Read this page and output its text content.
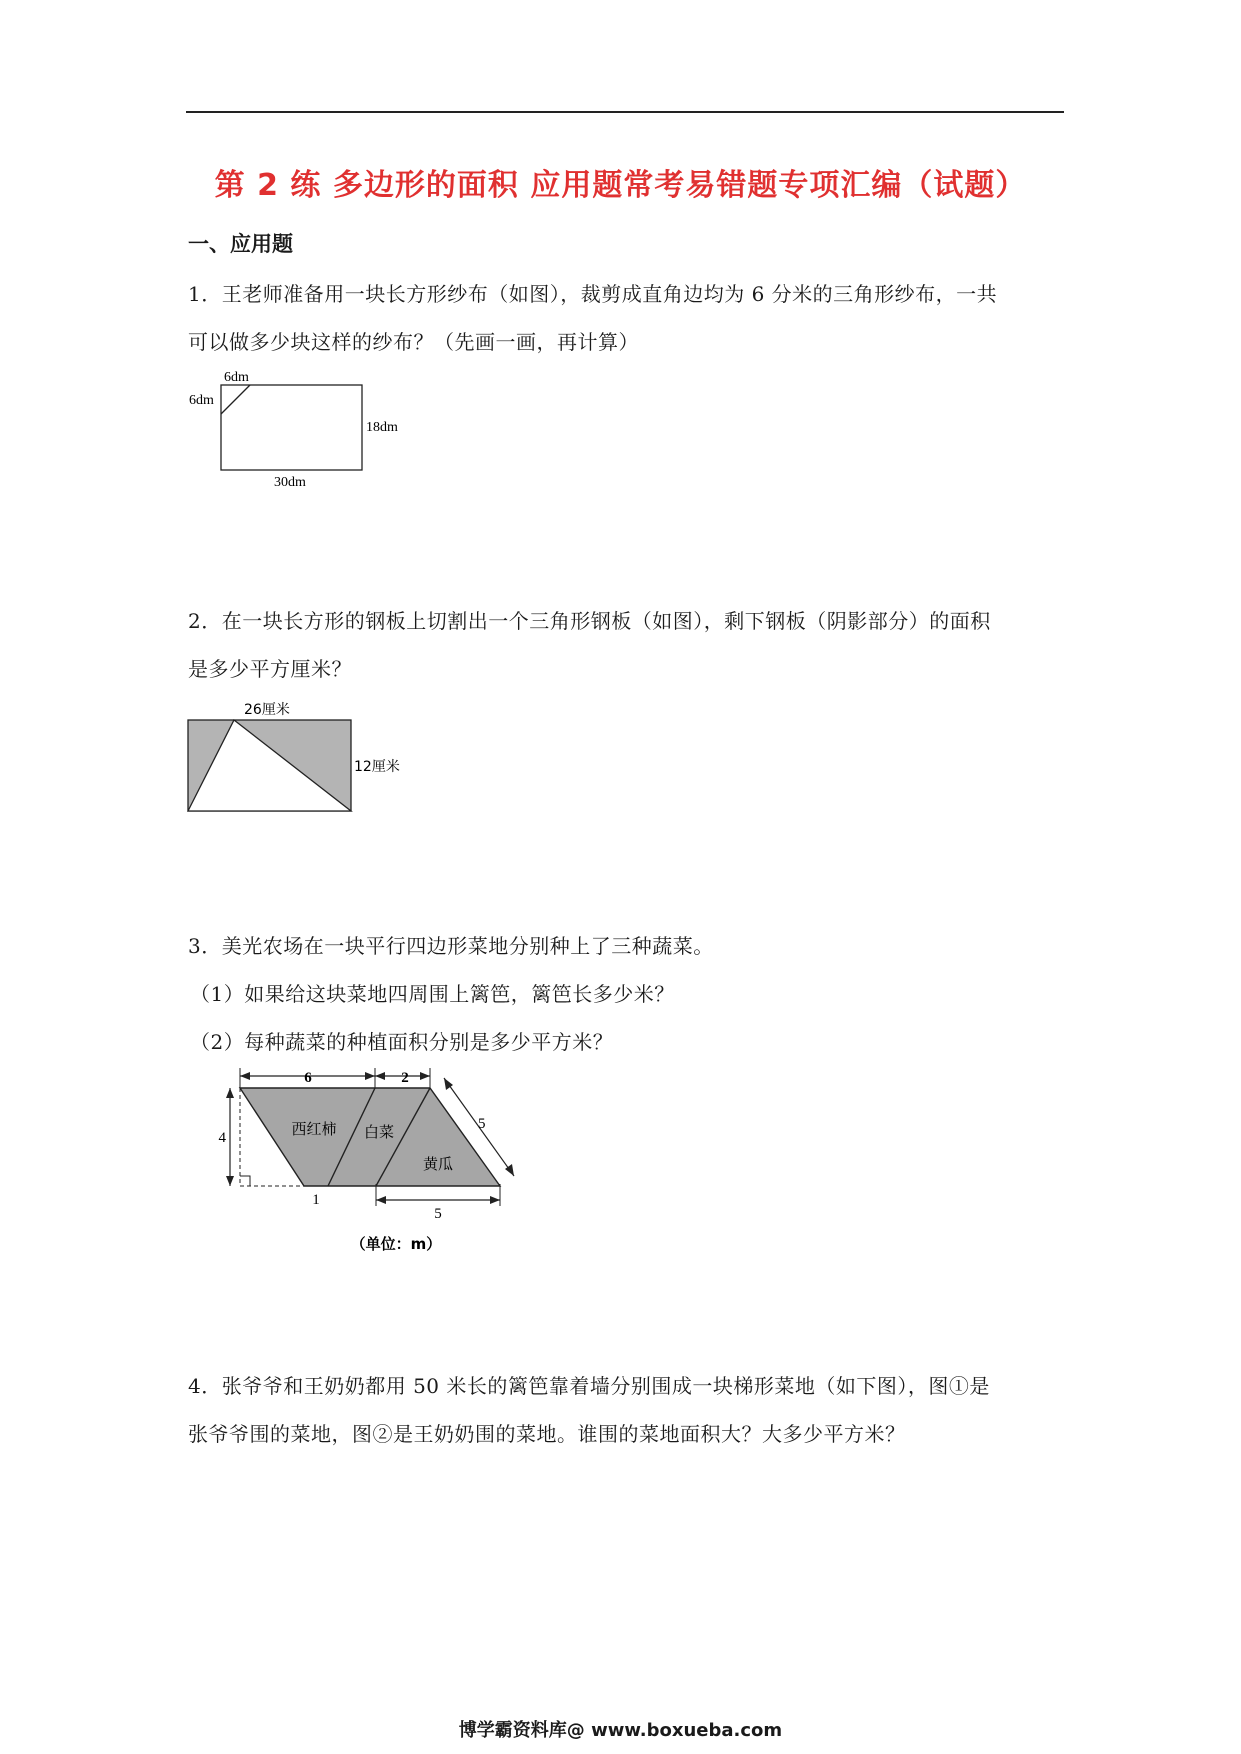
第 2 练 多边形的面积 应用题常考易错题专项汇编（试题）
一、应用题
1．王老师准备用一块长方形纱布（如图），裁剪成直角边均为 6 分米的三角形纱布，一共
可以做多少块这样的纱布？（先画一画，再计算）
6dm
6dm
18dm
30dm
2．在一块长方形的钢板上切割出一个三角形钢板（如图），剩下钢板（阴影部分）的面积
是多少平方厘米？
26厘米
12厘米
3．美光农场在一块平行四边形菜地分别种上了三种蔬菜。
（1）如果给这块菜地四周围上篱笆，篱笆长多少米？
（2）每种蔬菜的种植面积分别是多少平方米？
6	2
4
5
5
1
西红柿 白菜
黄瓜
（单位：m）
4．张爷爷和王奶奶都用 50 米长的篱笆靠着墙分别围成一块梯形菜地（如下图），图①是
张爷爷围的菜地，图②是王奶奶围的菜地。谁围的菜地面积大？大多少平方米？
博学霸资料库@ www.boxueba.com
